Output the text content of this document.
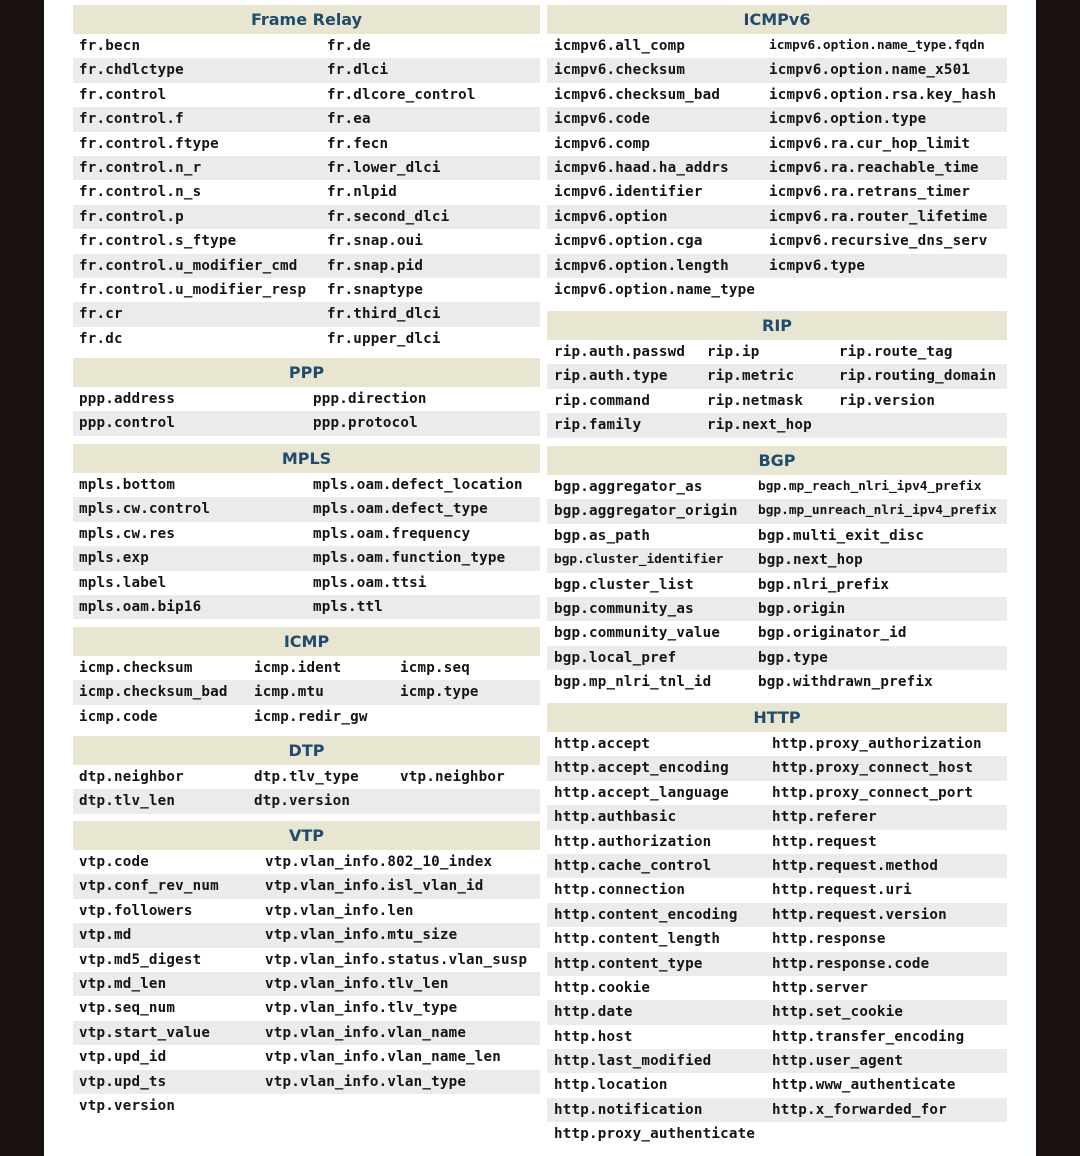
Frame Relay
fr.becn	fr.de
fr.chdlctype	fr.dlci
fr.control	fr.dlcore_control
fr.control.f	fr.ea
fr.control.ftype	fr.fecn
fr.control.n_r	fr.lower_dlci
fr.control.n_s	fr.nlpid
fr.control.p	fr.second_dlci
fr.control.s_ftype	fr.snap.oui
fr.control.u_modifier_cmd fr.snap.pid
fr.control.u_modifier_resp fr.snaptype
fr.cr	fr.third_dlci
fr.dc	fr.upper_dlci
PPP
ppp.address	ppp.direction
ppp.control	ppp.protocol
MPLS
mpls.bottom	mpls.oam.defect_location
mpls.cw.control	mpls.oam.defect_type
mpls.cw.res	mpls.oam.frequency
mpls.exp	mpls.oam.function_type
mpls.label	mpls.oam.ttsi
mpls.oam.bip16	mpls.ttl
ICMP
icmp.checksum	icmp.ident	icmp.seq
icmp.checksum_bad icmp.mtu	icmp.type
icmp.code	icmp.redir_gw
DTP
dtp.neighbor	dtp.tlv_type	vtp.neighbor
dtp.tlv_len	dtp.version
VTP
vtp.code	vtp.vlan_info.802_10_index
vtp.conf_rev_num	vtp.vlan_info.isl_vlan_id
vtp.followers	vtp.vlan_info.len
vtp.md	vtp.vlan_info.mtu_size
vtp.md5_digest	vtp.vlan_info.status.vlan_susp
vtp.md_len	vtp.vlan_info.tlv_len
vtp.seq_num	vtp.vlan_info.tlv_type
vtp.start_value	vtp.vlan_info.vlan_name
vtp.upd_id	vtp.vlan_info.vlan_name_len
vtp.upd_ts	vtp.vlan_info.vlan_type
vtp.version
ICMPv6
icmpv6.all_comp	icmpv6.option.name_type.fqdn
icmpv6.checksum	icmpv6.option.name_x501
icmpv6.checksum_bad	icmpv6.option.rsa.key_hash
icmpv6.code	icmpv6.option.type
icmpv6.comp	icmpv6.ra.cur_hop_limit
icmpv6.haad.ha_addrs	icmpv6.ra.reachable_time
icmpv6.identifier	icmpv6.ra.retrans_timer
icmpv6.option	icmpv6.ra.router_lifetime
icmpv6.option.cga	icmpv6.recursive_dns_serv
icmpv6.option.length	icmpv6.type
icmpv6.option.name_type
RIP
rip.auth.passwd rip.ip	rip.route_tag
rip.auth.type	rip.metric	rip.routing_domain
rip.command	rip.netmask	rip.version
rip.family	rip.next_hop
BGP
bgp.aggregator_as	bgp.mp_reach_nlri_ipv4_prefix
bgp.aggregator_origin bgp.mp_unreach_nlri_ipv4_prefix
bgp.as_path	bgp.multi_exit_disc
bgp.cluster_identifier bgp.next_hop
bgp.cluster_list	bgp.nlri_prefix
bgp.community_as	bgp.origin
bgp.community_value	bgp.originator_id
bgp.local_pref	bgp.type
bgp.mp_nlri_tnl_id	bgp.withdrawn_prefix
HTTP
http.accept	http.proxy_authorization
http.accept_encoding	http.proxy_connect_host
http.accept_language	http.proxy_connect_port
http.authbasic	http.referer
http.authorization	http.request
http.cache_control	http.request.method
http.connection	http.request.uri
http.content_encoding http.request.version
http.content_length	http.response
http.content_type	http.response.code
http.cookie	http.server
http.date	http.set_cookie
http.host	http.transfer_encoding
http.last_modified	http.user_agent
http.location	http.www_authenticate
http.notification	http.x_forwarded_for
http.proxy_authenticate
